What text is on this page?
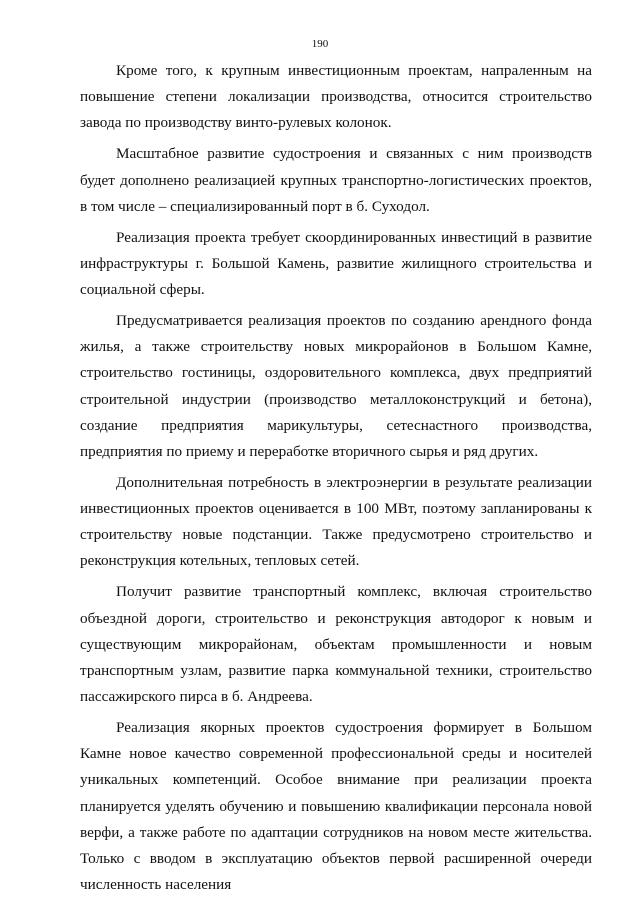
190

Кроме того, к крупным инвестиционным проектам, напраленным на повышение степени локализации производства, относится строительство завода по производству винто-рулевых колонок.

Масштабное развитие судостроения и связанных с ним производств будет дополнено реализацией крупных транспортно-логистических проектов, в том числе – специализированный порт в б. Суходол.

Реализация проекта требует скоординированных инвестиций в развитие инфраструктуры г. Большой Камень, развитие жилищного строительства и социальной сферы.

Предусматривается реализация проектов по созданию арендного фонда жилья, а также строительству новых микрорайонов в Большом Камне, строительство гостиницы, оздоровительного комплекса, двух предприятий строительной индустрии (производство металлоконструкций и бетона), создание предприятия марикультуры, сетеснастного производства, предприятия по приему и переработке вторичного сырья и ряд других.

Дополнительная потребность в электроэнергии в результате реализации инвестиционных проектов оценивается в 100 МВт, поэтому запланированы к строительству новые подстанции. Также предусмотрено строительство и реконструкция котельных, тепловых сетей.

Получит развитие транспортный комплекс, включая строительство объездной дороги, строительство и реконструкция автодорог к новым и существующим микрорайонам, объектам промышленности и новым транспортным узлам, развитие парка коммунальной техники, строительство пассажирского пирса в б. Андреева.

Реализация якорных проектов судостроения формирует в Большом Камне новое качество современной профессиональной среды и носителей уникальных компетенций. Особое внимание при реализации проекта планируется уделять обучению и повышению квалификации персонала новой верфи, а также работе по адаптации сотрудников на новом месте жительства. Только с вводом в эксплуатацию объектов первой расширенной очереди численность населения
